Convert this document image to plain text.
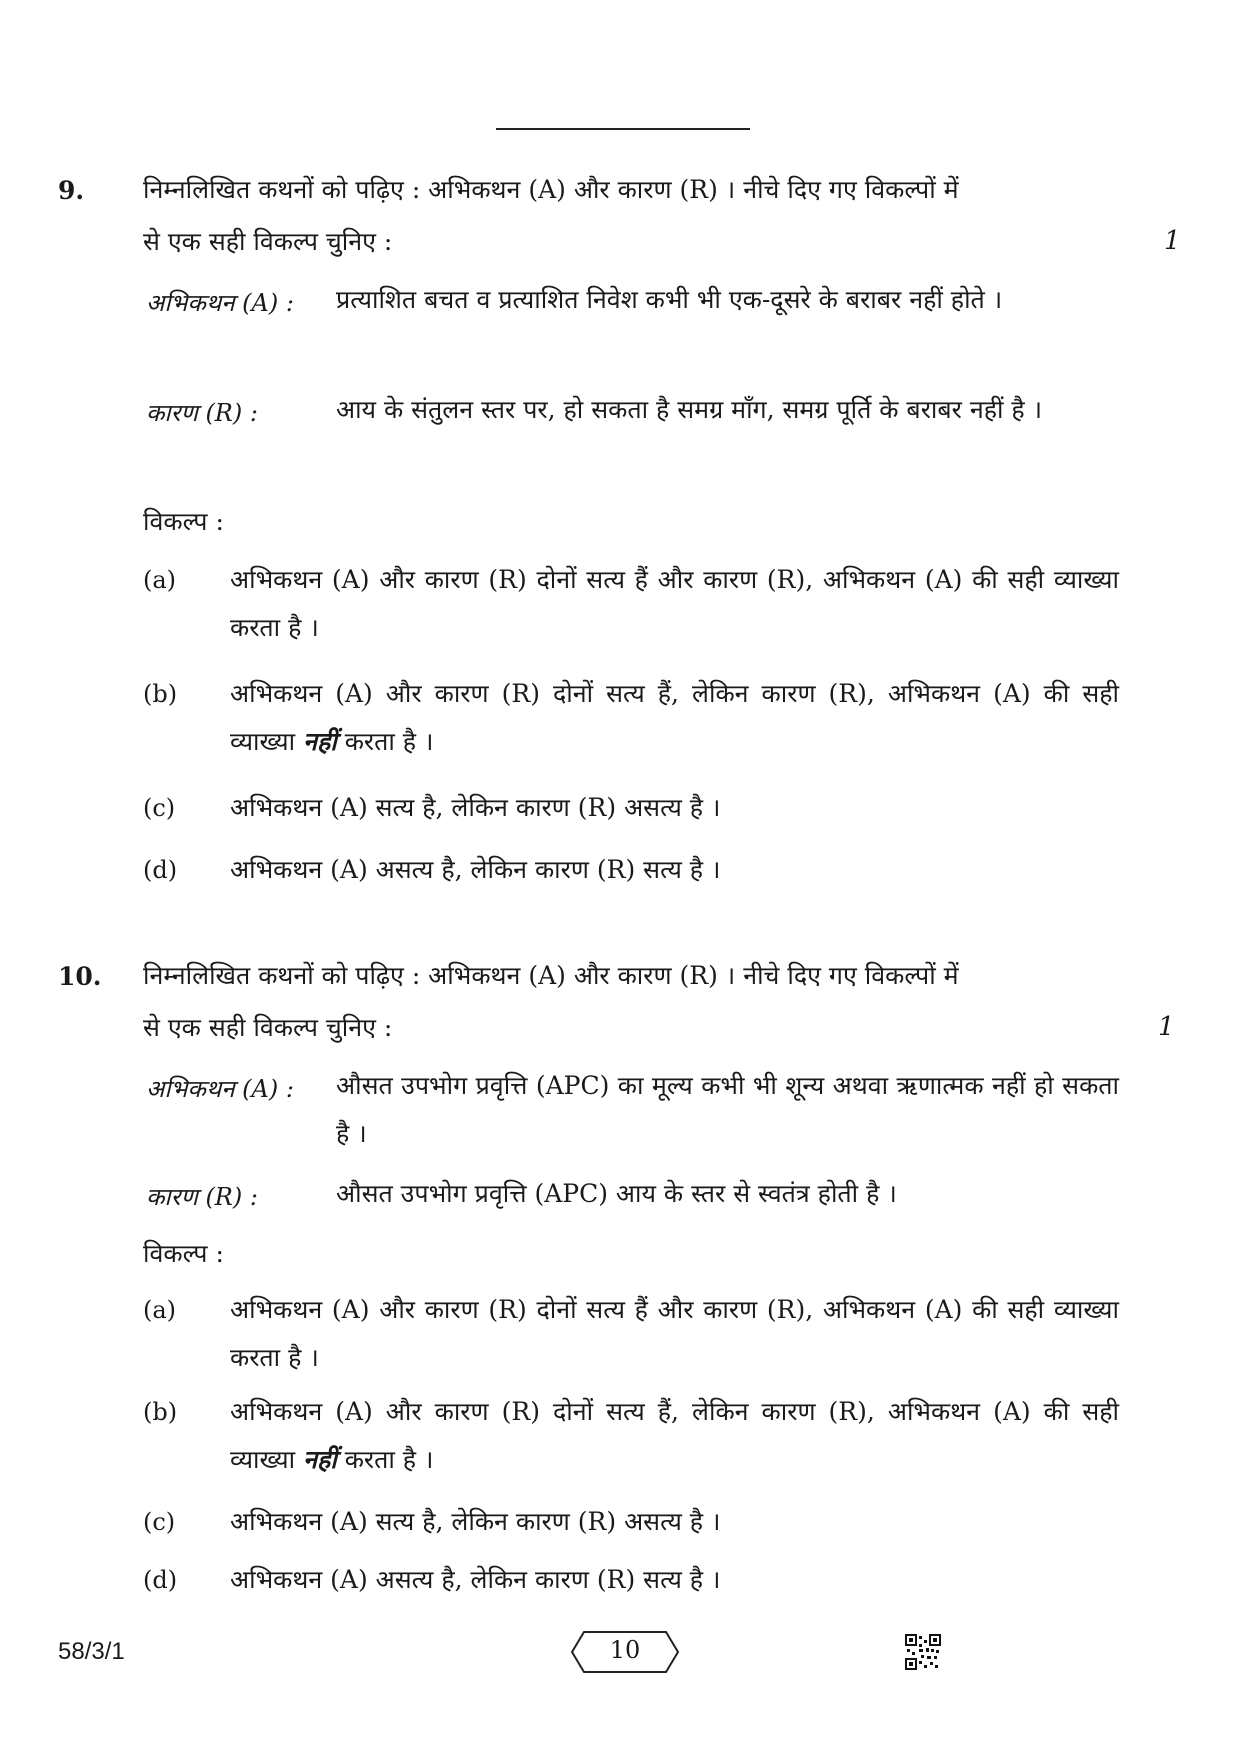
9. निम्नलिखित कथनों को पढ़िए : अभिकथन (A) और कारण (R) । नीचे दिए गए विकल्पों में
से एक सही विकल्प चुनिए :	1
अभिकथन (A) : प्रत्याशित बचत व प्रत्याशित निवेश कभी भी एक-दूसरे के बराबर नहीं होते ।
कारण (R) :	आय के संतुलन स्तर पर, हो सकता है समग्र माँग, समग्र पूर्ति के बराबर नहीं है ।
विकल्प :
(a) अभिकथन (A) और कारण (R) दोनों सत्य हैं और कारण (R), अभिकथन (A) की सही व्याख्या करता है ।
(b) अभिकथन (A) और कारण (R) दोनों सत्य हैं, लेकिन कारण (R), अभिकथन (A) की सही व्याख्या नहीं करता है ।
(c) अभिकथन (A) सत्य है, लेकिन कारण (R) असत्य है ।
(d) अभिकथन (A) असत्य है, लेकिन कारण (R) सत्य है ।
10. निम्नलिखित कथनों को पढ़िए : अभिकथन (A) और कारण (R) । नीचे दिए गए विकल्पों में
से एक सही विकल्प चुनिए :	1
अभिकथन (A) : औसत उपभोग प्रवृत्ति (APC) का मूल्य कभी भी शून्य अथवा ऋणात्मक नहीं हो सकता है ।
कारण (R) :	औसत उपभोग प्रवृत्ति (APC) आय के स्तर से स्वतंत्र होती है ।
विकल्प :
(a) अभिकथन (A) और कारण (R) दोनों सत्य हैं और कारण (R), अभिकथन (A) की सही व्याख्या करता है ।
(b) अभिकथन (A) और कारण (R) दोनों सत्य हैं, लेकिन कारण (R), अभिकथन (A) की सही व्याख्या नहीं करता है ।
(c) अभिकथन (A) सत्य है, लेकिन कारण (R) असत्य है ।
(d) अभिकथन (A) असत्य है, लेकिन कारण (R) सत्य है ।
58/3/1	10
